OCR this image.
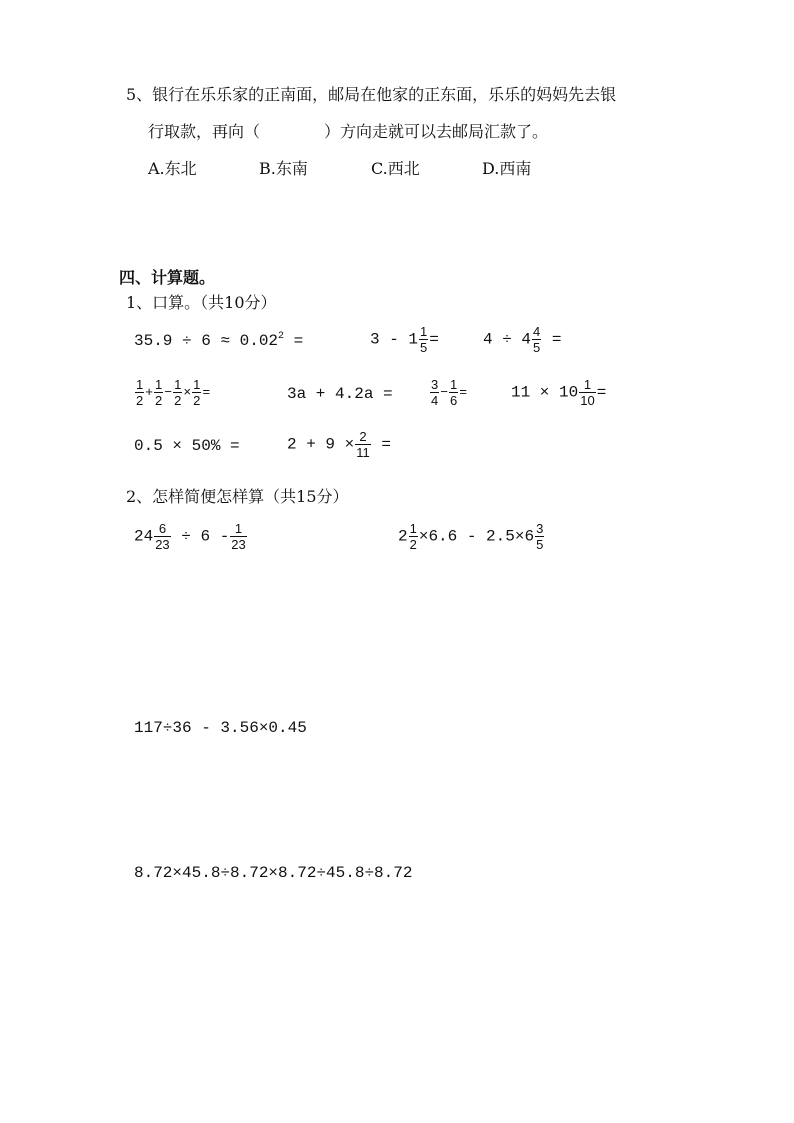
5、银行在乐乐家的正南面，邮局在他家的正东面，乐乐的妈妈先去银
行取款，再向（	）方向走就可以去邮局汇款了。
A.东北	B.东南	C.西北	D.西南
四、计算题。
1、口算。（共10分）
$35.9 \div 6 \approx 0.02^2$ =	$3 - 1 \frac{1}{5}$ =	$4 \div 4 \frac{4}{5}$ =
$\frac{1}{2} + \frac{1}{2} - \frac{1}{2} \times \frac{1}{2}$ =	3a + 4.2a =	$\frac{3}{4} - \frac{1}{6}$ =	$11 \times 10 \frac{1}{10}$ =
0.5 × 50% =	$2 + 9 \times \frac{2}{11}$ =
2、怎样简便怎样算（共15分）
$24 \frac{6}{23} \div 6 - \frac{1}{23}$	$2 \frac{1}{2} \times 6.6 - 2.5\times 6 \frac{3}{5}$
117÷36 - 3.56×0.45
8.72×45.8÷8.72×8.72÷45.8÷8.72
